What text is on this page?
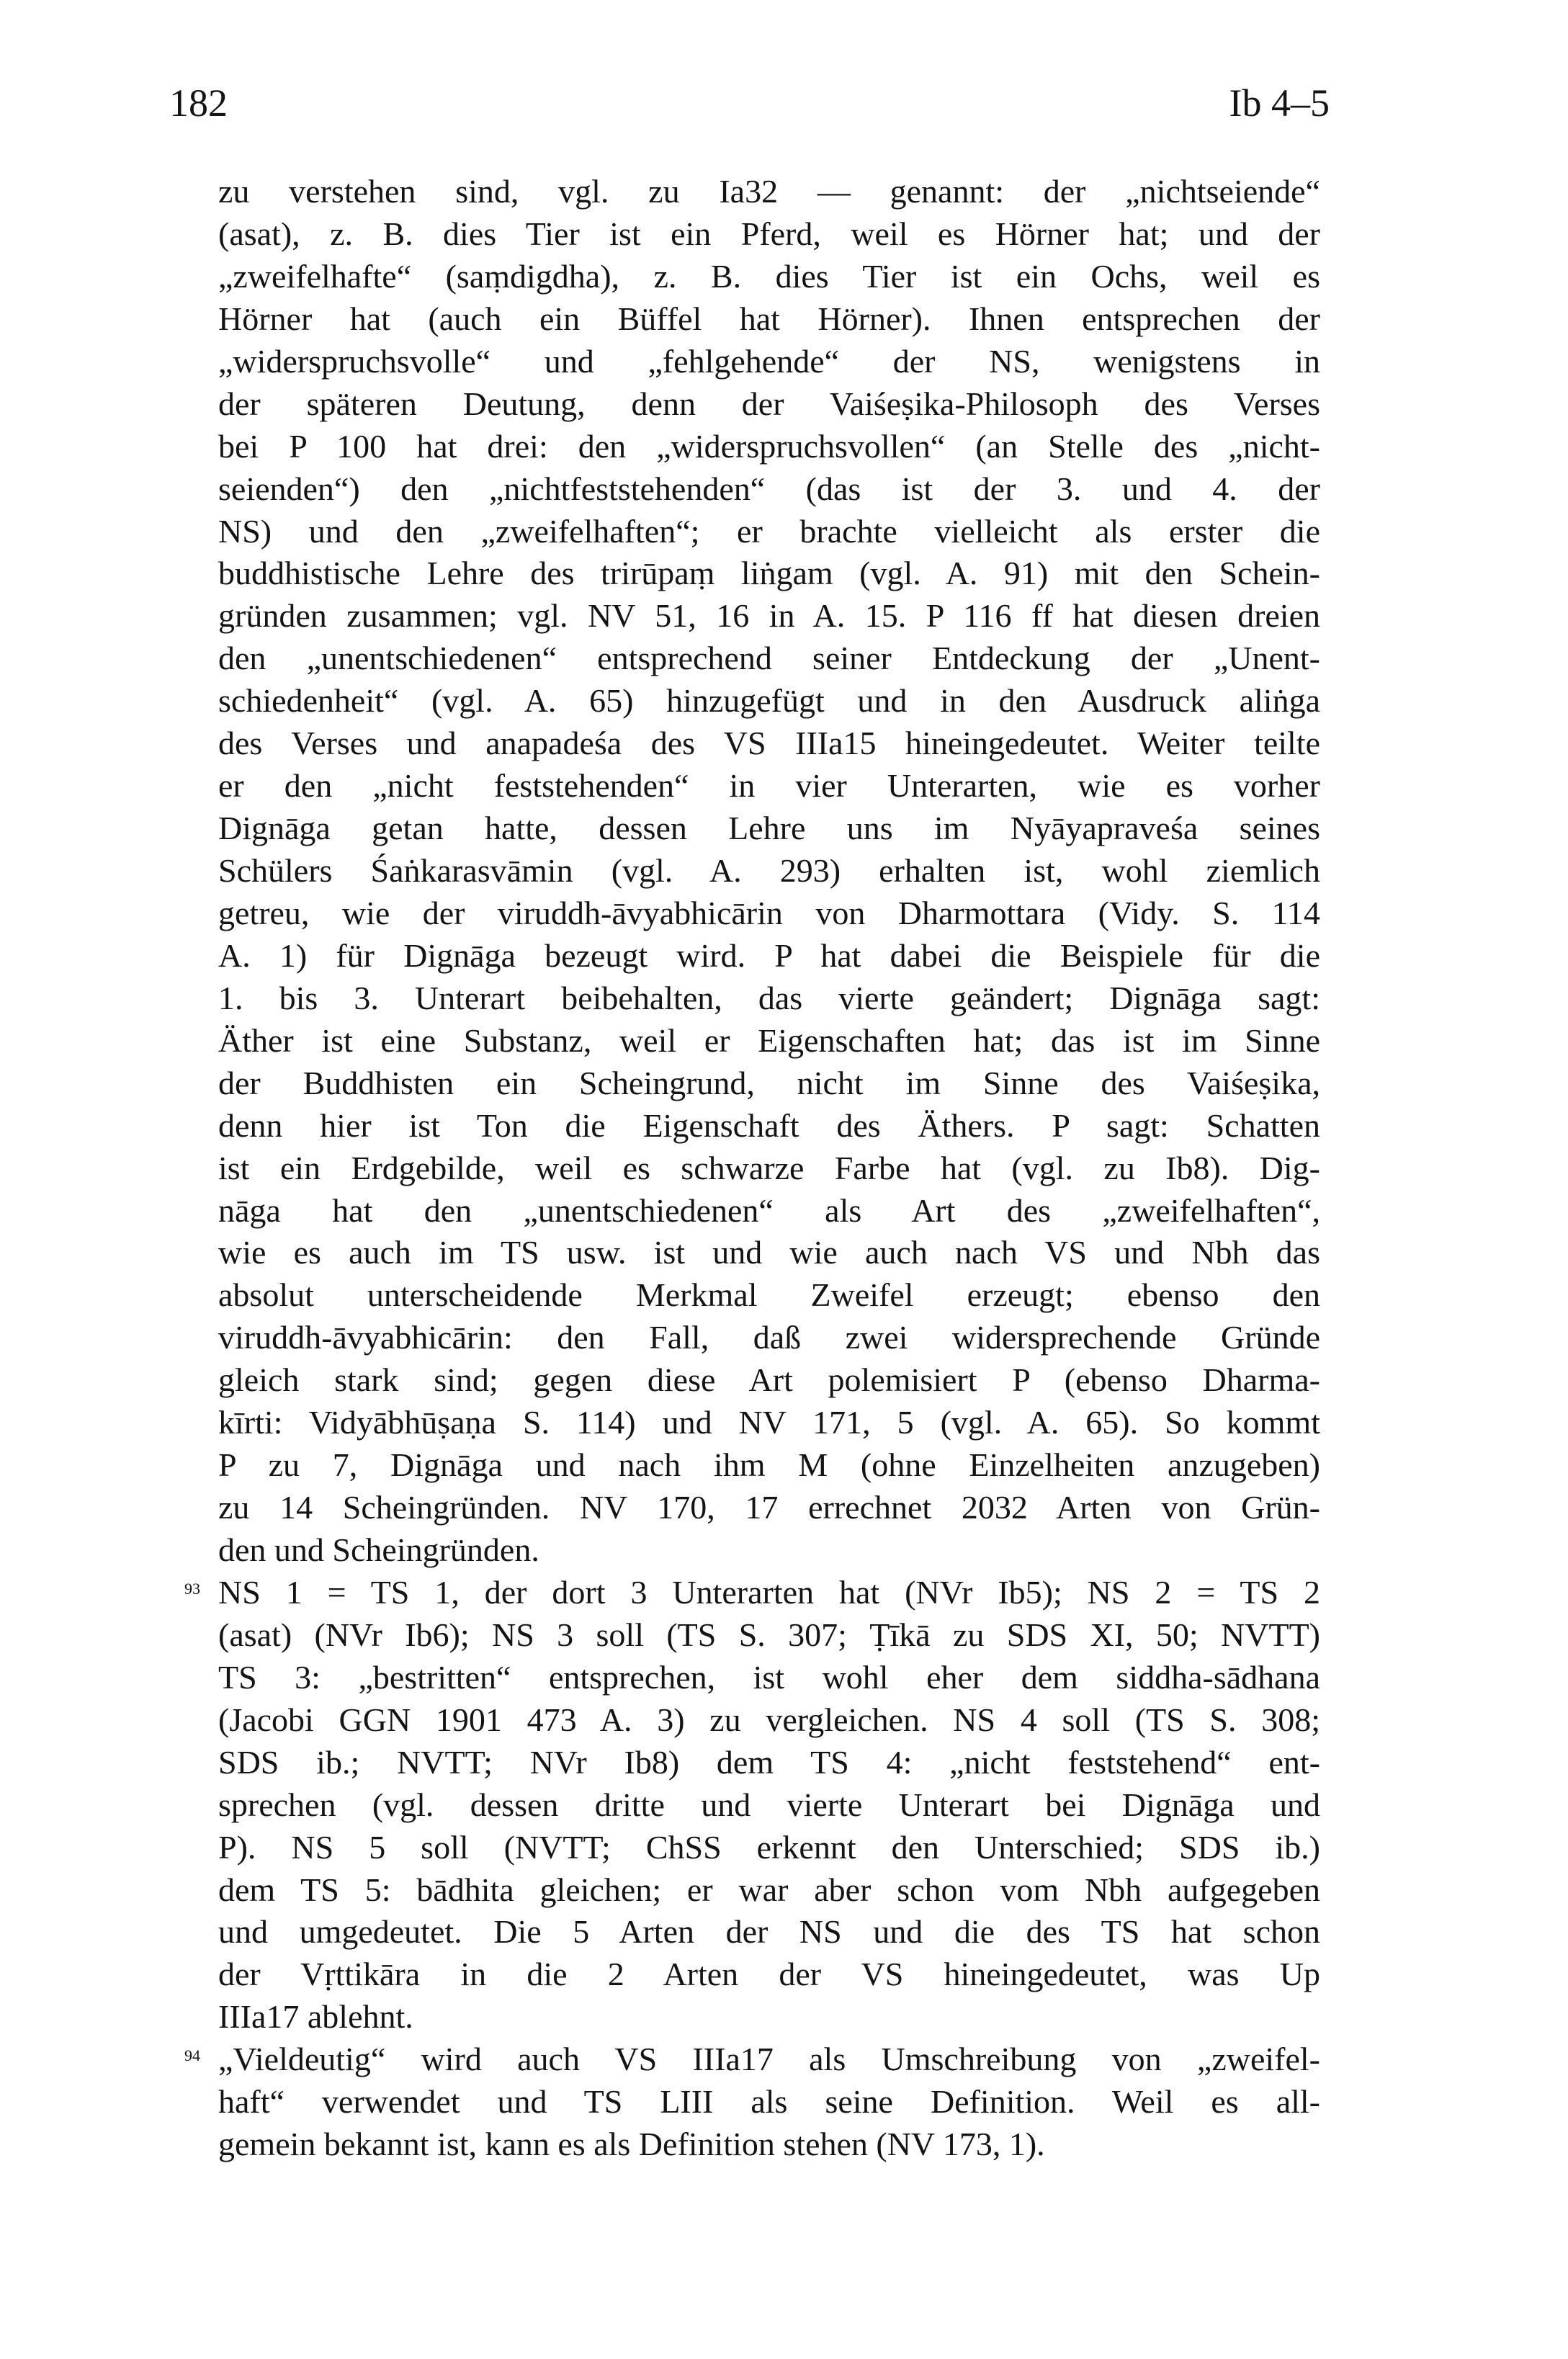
182	Ib 4–5
zu verstehen sind, vgl. zu Ia32 — genannt: der „nichtseiende“
(asat), z. B. dies Tier ist ein Pferd, weil es Hörner hat; und der
„zweifelhafte“ (saṃdigdha), z. B. dies Tier ist ein Ochs, weil es
Hörner hat (auch ein Büffel hat Hörner). Ihnen entsprechen der
„widerspruchsvolle“ und „fehlgehende“ der NS, wenigstens in
der späteren Deutung, denn der Vaiśeṣika-Philosoph des Verses
bei P 100 hat drei: den „widerspruchsvollen“ (an Stelle des „nicht-
seienden“) den „nichtfeststehenden“ (das ist der 3. und 4. der
NS) und den „zweifelhaften“; er brachte vielleicht als erster die
buddhistische Lehre des trirūpaṃ liṅgam (vgl. A. 91) mit den Schein-
gründen zusammen; vgl. NV 51, 16 in A. 15. P 116 ff hat diesen dreien
den „unentschiedenen“ entsprechend seiner Entdeckung der „Unent-
schiedenheit“ (vgl. A. 65) hinzugefügt und in den Ausdruck aliṅga
des Verses und anapadeśa des VS IIIa15 hineingedeutet. Weiter teilte
er den „nicht feststehenden“ in vier Unterarten, wie es vorher
Dignāga getan hatte, dessen Lehre uns im Nyāyapraveśa seines
Schülers Śaṅkarasvāmin (vgl. A. 293) erhalten ist, wohl ziemlich
getreu, wie der viruddh-āvyabhicārin von Dharmottara (Vidy. S. 114
A. 1) für Dignāga bezeugt wird. P hat dabei die Beispiele für die
1. bis 3. Unterart beibehalten, das vierte geändert; Dignāga sagt:
Äther ist eine Substanz, weil er Eigenschaften hat; das ist im Sinne
der Buddhisten ein Scheingrund, nicht im Sinne des Vaiśeṣika,
denn hier ist Ton die Eigenschaft des Äthers. P sagt: Schatten
ist ein Erdgebilde, weil es schwarze Farbe hat (vgl. zu Ib8). Dig-
nāga hat den „unentschiedenen“ als Art des „zweifelhaften“,
wie es auch im TS usw. ist und wie auch nach VS und Nbh das
absolut unterscheidende Merkmal Zweifel erzeugt; ebenso den
viruddh-āvyabhicārin: den Fall, daß zwei widersprechende Gründe
gleich stark sind; gegen diese Art polemisiert P (ebenso Dharma-
kīrti: Vidyābhūṣaṇa S. 114) und NV 171, 5 (vgl. A. 65). So kommt
P zu 7, Dignāga und nach ihm M (ohne Einzelheiten anzugeben)
zu 14 Scheingründen. NV 170, 17 errechnet 2032 Arten von Grün-
den und Scheingründen.
93 NS 1 = TS 1, der dort 3 Unterarten hat (NVr Ib5); NS 2 = TS 2
(asat) (NVr Ib6); NS 3 soll (TS S. 307; Ṭīkā zu SDS XI, 50; NVTT)
TS 3: „bestritten“ entsprechen, ist wohl eher dem siddha-sādhana
(Jacobi GGN 1901 473 A. 3) zu vergleichen. NS 4 soll (TS S. 308;
SDS ib.; NVTT; NVr Ib8) dem TS 4: „nicht feststehend“ ent-
sprechen (vgl. dessen dritte und vierte Unterart bei Dignāga und
P). NS 5 soll (NVTT; ChSS erkennt den Unterschied; SDS ib.)
dem TS 5: bādhita gleichen; er war aber schon vom Nbh aufgegeben
und umgedeutet. Die 5 Arten der NS und die des TS hat schon
der Vṛttikāra in die 2 Arten der VS hineingedeutet, was Up
IIIa17 ablehnt.
94 „Vieldeutig“ wird auch VS IIIa17 als Umschreibung von „zweifel-
haft“ verwendet und TS LIII als seine Definition. Weil es all-
gemein bekannt ist, kann es als Definition stehen (NV 173, 1).
